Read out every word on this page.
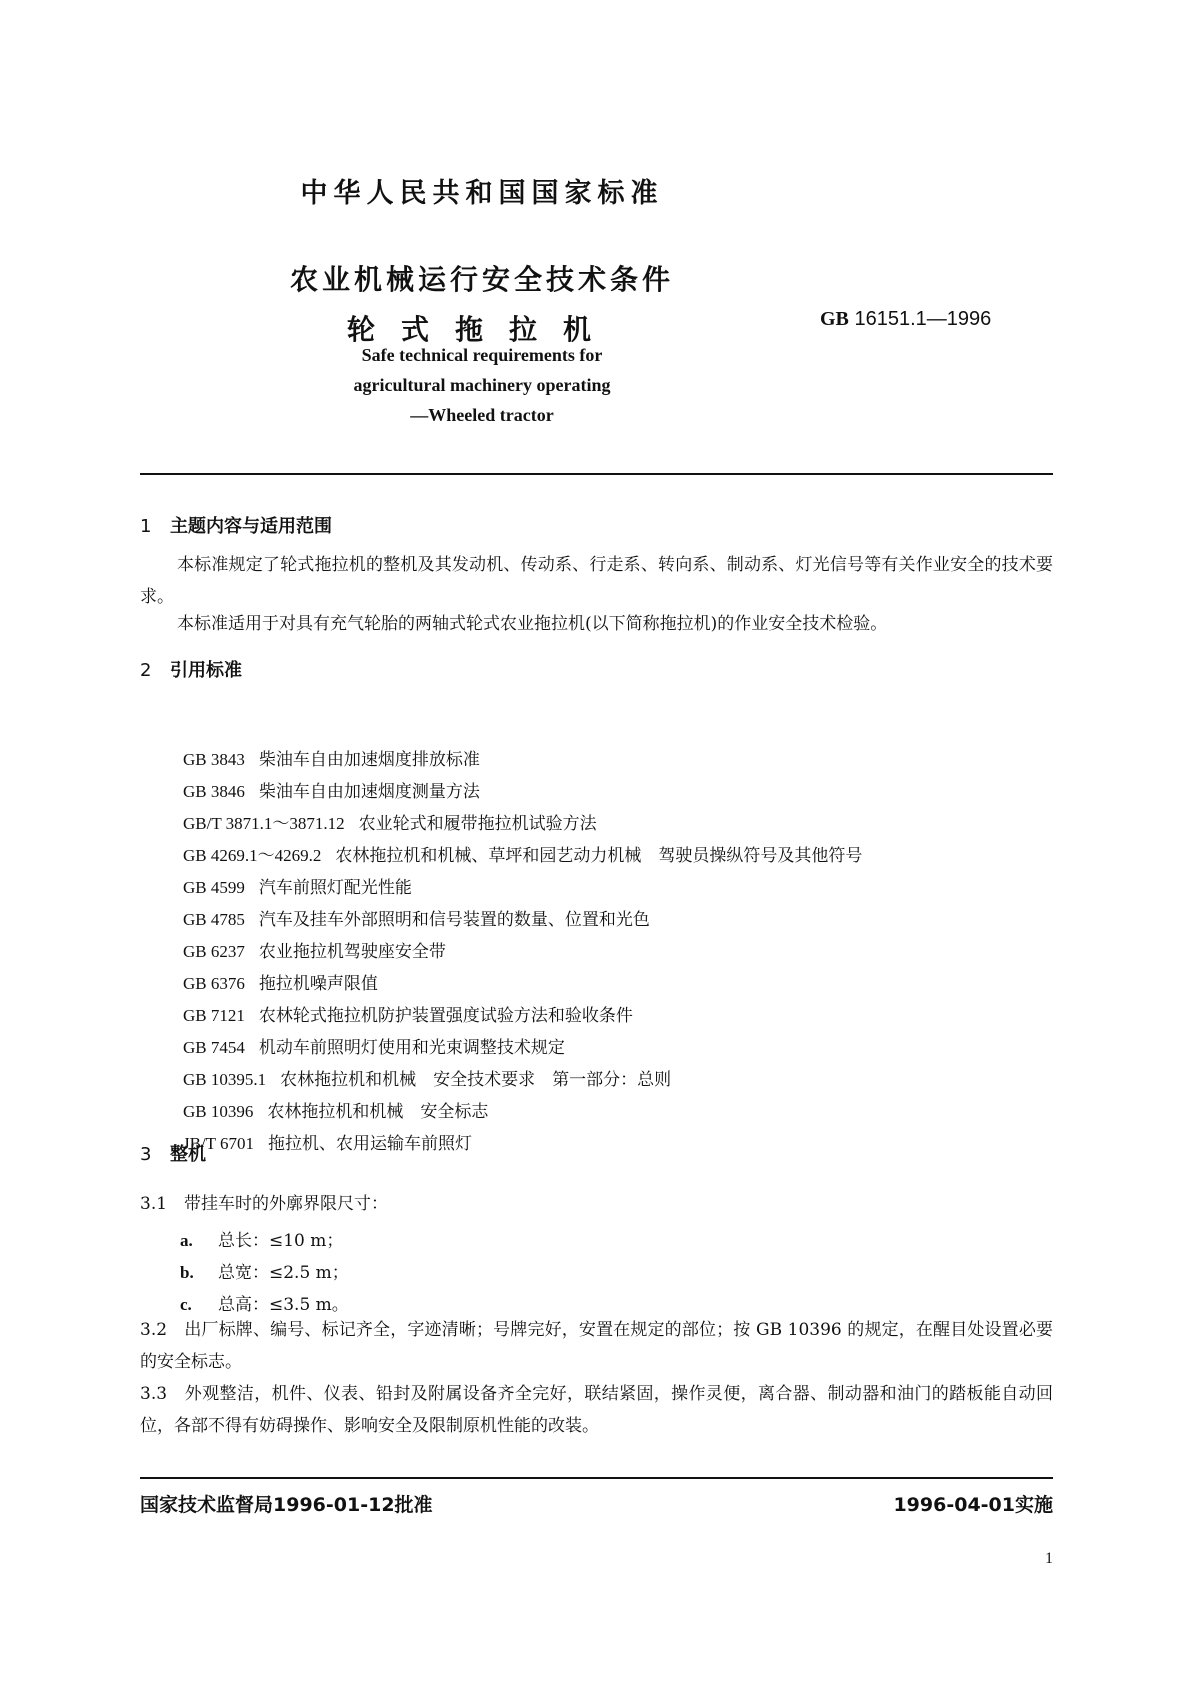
中华人民共和国国家标准
农业机械运行安全技术条件
轮式拖拉机	GB 16151.1—1996
Safe technical requirements for
agricultural machinery operating
—Wheeled tractor
1 主题内容与适用范围
本标准规定了轮式拖拉机的整机及其发动机、传动系、行走系、转向系、制动系、灯光信号等有关作业安全的技术要求。
本标准适用于对具有充气轮胎的两轴式轮式农业拖拉机(以下简称拖拉机)的作业安全技术检验。
2 引用标准
GB 3843 柴油车自由加速烟度排放标准
GB 3846 柴油车自由加速烟度测量方法
GB/T 3871.1～3871.12 农业轮式和履带拖拉机试验方法
GB 4269.1～4269.2 农林拖拉机和机械、草坪和园艺动力机械　驾驶员操纵符号及其他符号
GB 4599 汽车前照灯配光性能
GB 4785 汽车及挂车外部照明和信号装置的数量、位置和光色
GB 6237 农业拖拉机驾驶座安全带
GB 6376 拖拉机噪声限值
GB 7121 农林轮式拖拉机防护装置强度试验方法和验收条件
GB 7454 机动车前照明灯使用和光束调整技术规定
GB 10395.1 农林拖拉机和机械　安全技术要求　第一部分：总则
GB 10396 农林拖拉机和机械　安全标志
JB/T 6701 拖拉机、农用运输车前照灯
3 整机
3.1　带挂车时的外廓界限尺寸：
a. 总长：≤10 m；
b. 总宽：≤2.5 m；
c. 总高：≤3.5 m。
3.2　出厂标牌、编号、标记齐全，字迹清晰；号牌完好，安置在规定的部位；按 GB 10396 的规定，在醒目处设置必要的安全标志。
3.3　外观整洁，机件、仪表、铅封及附属设备齐全完好，联结紧固，操作灵便，离合器、制动器和油门的踏板能自动回位，各部不得有妨碍操作、影响安全及限制原机性能的改装。
国家技术监督局1996-01-12批准	1996-04-01实施
1
